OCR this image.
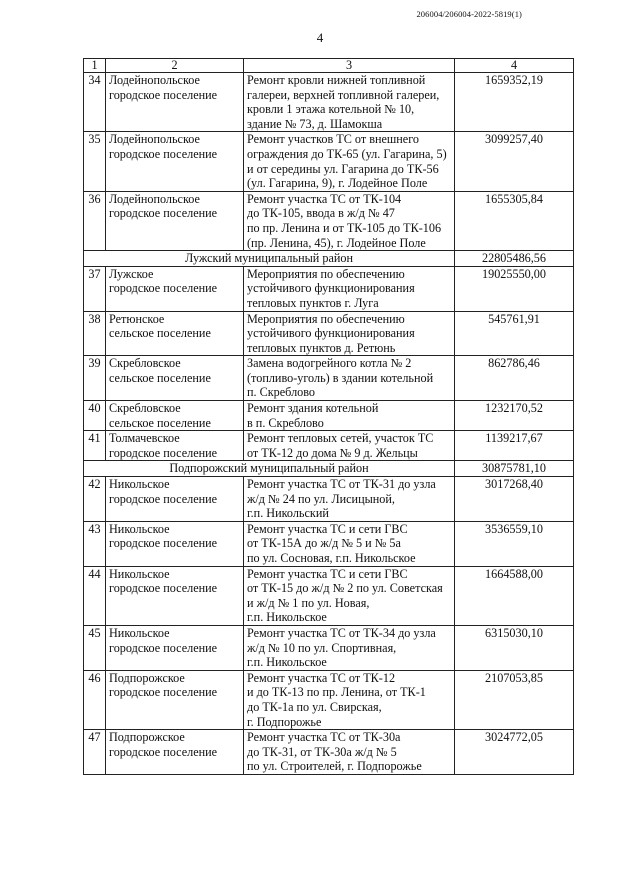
206004/206004-2022-5819(1)
4
1	2	3	4
34	Лодейнопольское
городское поселение	Ремонт кровли нижней топливной
галереи, верхней топливной галереи,
кровли 1 этажа котельной № 10,
здание № 73, д. Шамокша	1659352,19
35	Лодейнопольское
городское поселение	Ремонт участков ТС от внешнего
ограждения до ТК-65 (ул. Гагарина, 5)
и от середины ул. Гагарина до ТК-56
(ул. Гагарина, 9), г. Лодейное Поле	3099257,40
36	Лодейнопольское
городское поселение	Ремонт участка ТС от ТК-104
до ТК-105, ввода в ж/д № 47
по пр. Ленина и от ТК-105 до ТК-106
(пр. Ленина, 45), г. Лодейное Поле	1655305,84
Лужский муниципальный район			22805486,56
37	Лужское
городское поселение	Мероприятия по обеспечению
устойчивого функционирования
тепловых пунктов г. Луга	19025550,00
38	Ретюнское
сельское поселение	Мероприятия по обеспечению
устойчивого функционирования
тепловых пунктов д. Ретюнь	545761,91
39	Скребловское
сельское поселение	Замена водогрейного котла № 2
(топливо-уголь) в здании котельной
п. Скреблово	862786,46
40	Скребловское
сельское поселение	Ремонт здания котельной
в п. Скреблово	1232170,52
41	Толмачевское
городское поселение	Ремонт тепловых сетей, участок ТС
от ТК-12 до дома № 9 д. Жельцы	1139217,67
Подпорожский муниципальный район			30875781,10
42	Никольское
городское поселение	Ремонт участка ТС от ТК-31 до узла
ж/д № 24 по ул. Лисицыной,
г.п. Никольский	3017268,40
43	Никольское
городское поселение	Ремонт участка ТС и сети ГВС
от ТК-15А до ж/д № 5 и № 5а
по ул. Сосновая, г.п. Никольское	3536559,10
44	Никольское
городское поселение	Ремонт участка ТС и сети ГВС
от ТК-15 до ж/д № 2 по ул. Советская
и ж/д № 1 по ул. Новая,
г.п. Никольское	1664588,00
45	Никольское
городское поселение	Ремонт участка ТС от ТК-34 до узла
ж/д № 10 по ул. Спортивная,
г.п. Никольское	6315030,10
46	Подпорожское
городское поселение	Ремонт участка ТС от ТК-12
и до ТК-13 по пр. Ленина, от ТК-1
до ТК-1а по ул. Свирская,
г. Подпорожье	2107053,85
47	Подпорожское
городское поселение	Ремонт участка ТС от ТК-30а
до ТК-31, от ТК-30а ж/д № 5
по ул. Строителей, г. Подпорожье	3024772,05
